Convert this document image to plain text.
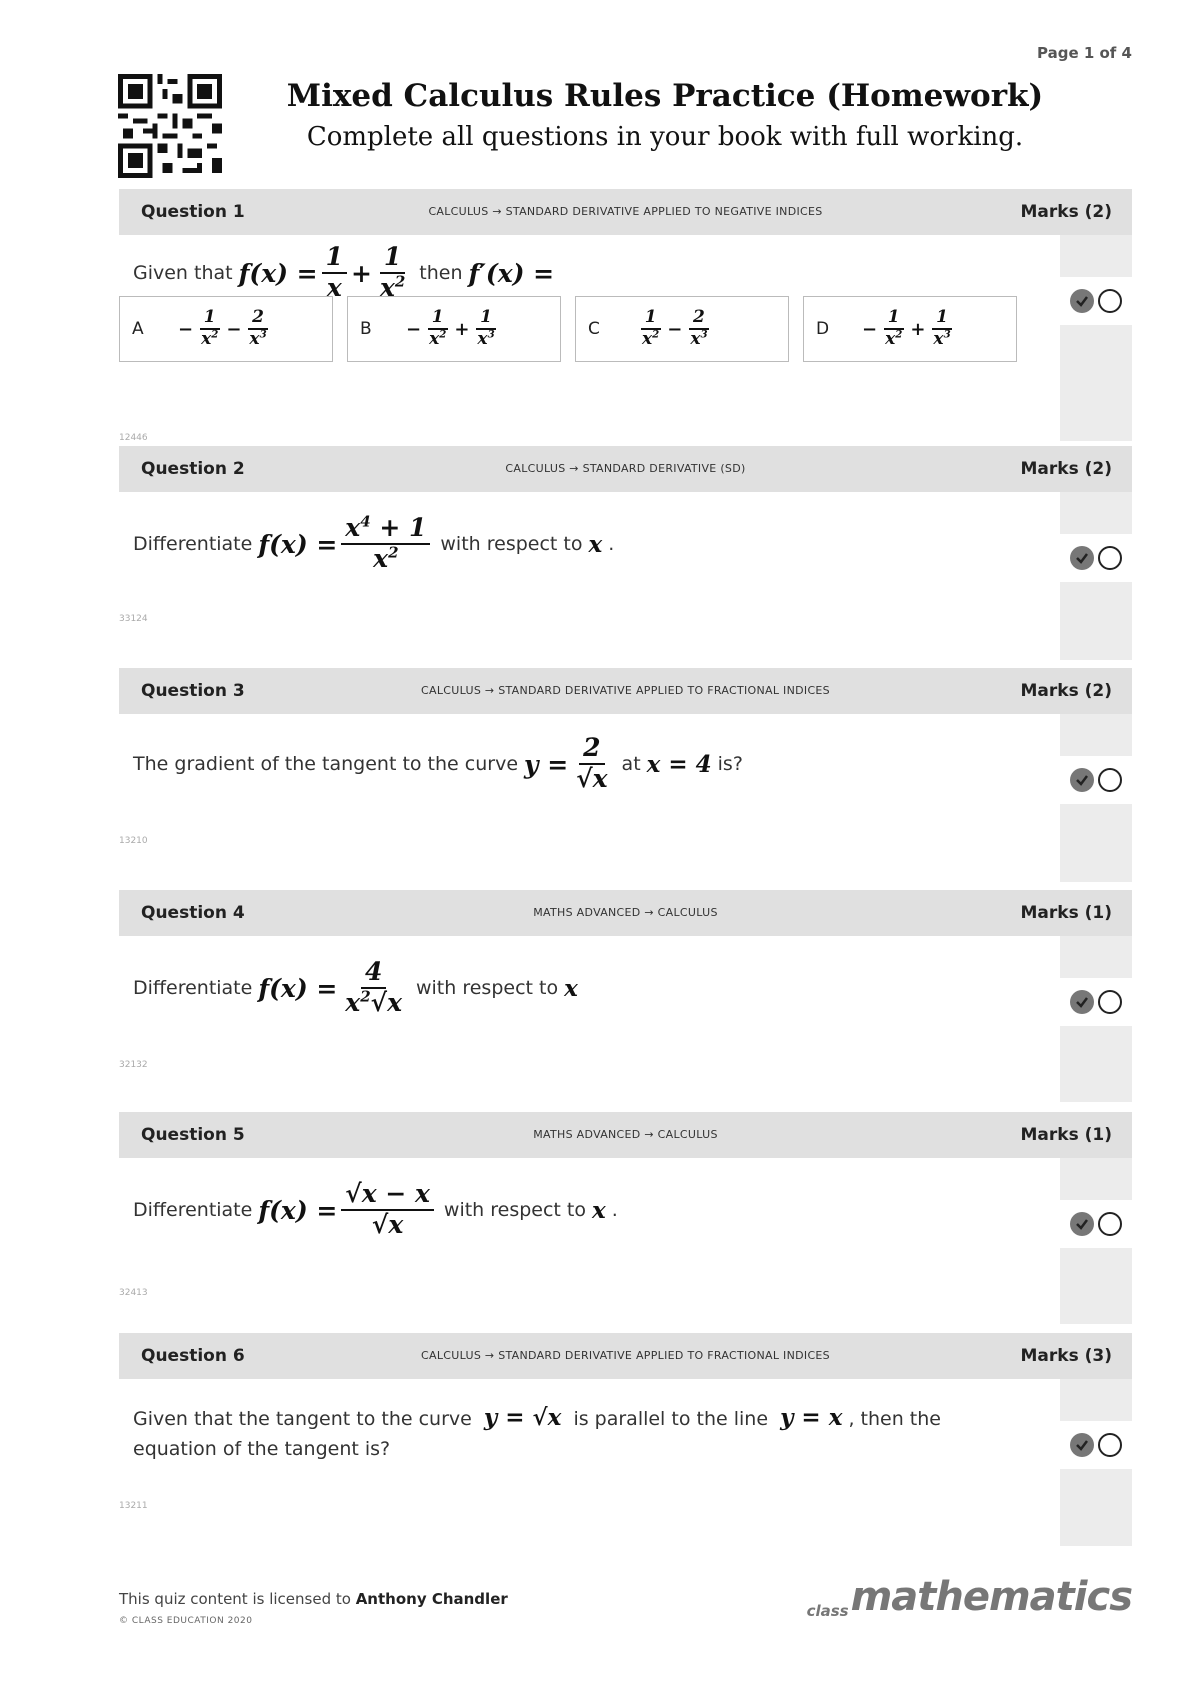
Page 1 of 4
Mixed Calculus Rules Practice (Homework)
Complete all questions in your book with full working.
Question 1	CALCULUS → STANDARD DERIVATIVE APPLIED TO NEGATIVE INDICES	Marks (2)
Given that $f(x) = \frac{1}{x} + \frac{1}{x^2}$ then f′(x) =
A	− $\frac{1}{x^2} - \frac{2}{x^3}$	B	− $\frac{1}{x^2} + \frac{1}{x^3}$	C	$\frac{1}{x^2} - \frac{2}{x^3}$	D	− $\frac{1}{x^2} + \frac{1}{x^3}$
12446
Question 2	CALCULUS → STANDARD DERIVATIVE (SD)	Marks (2)
Differentiate $f(x) = \frac{x^4 + 1}{x^2}$ with respect to x .
33124
Question 3	CALCULUS → STANDARD DERIVATIVE APPLIED TO FRACTIONAL INDICES	Marks (2)
The gradient of the tangent to the curve $y = \frac{2}{√x}$ at x = 4 is?
13210
Question 4	MATHS ADVANCED → CALCULUS	Marks (1)
Differentiate $f(x) = \frac{4}{x^2√x}$ with respect to x
32132
Question 5	MATHS ADVANCED → CALCULUS	Marks (1)
Differentiate $f(x) = \frac{√x - x}{√x}$ with respect to x .
32413
Question 6	CALCULUS → STANDARD DERIVATIVE APPLIED TO FRACTIONAL INDICES	Marks (3)
Given that the tangent to the curve y = √x is parallel to the line y = x , then the equation of the tangent is?
13211
This quiz content is licensed to Anthony Chandler
© CLASS EDUCATION 2020
class mathematics
